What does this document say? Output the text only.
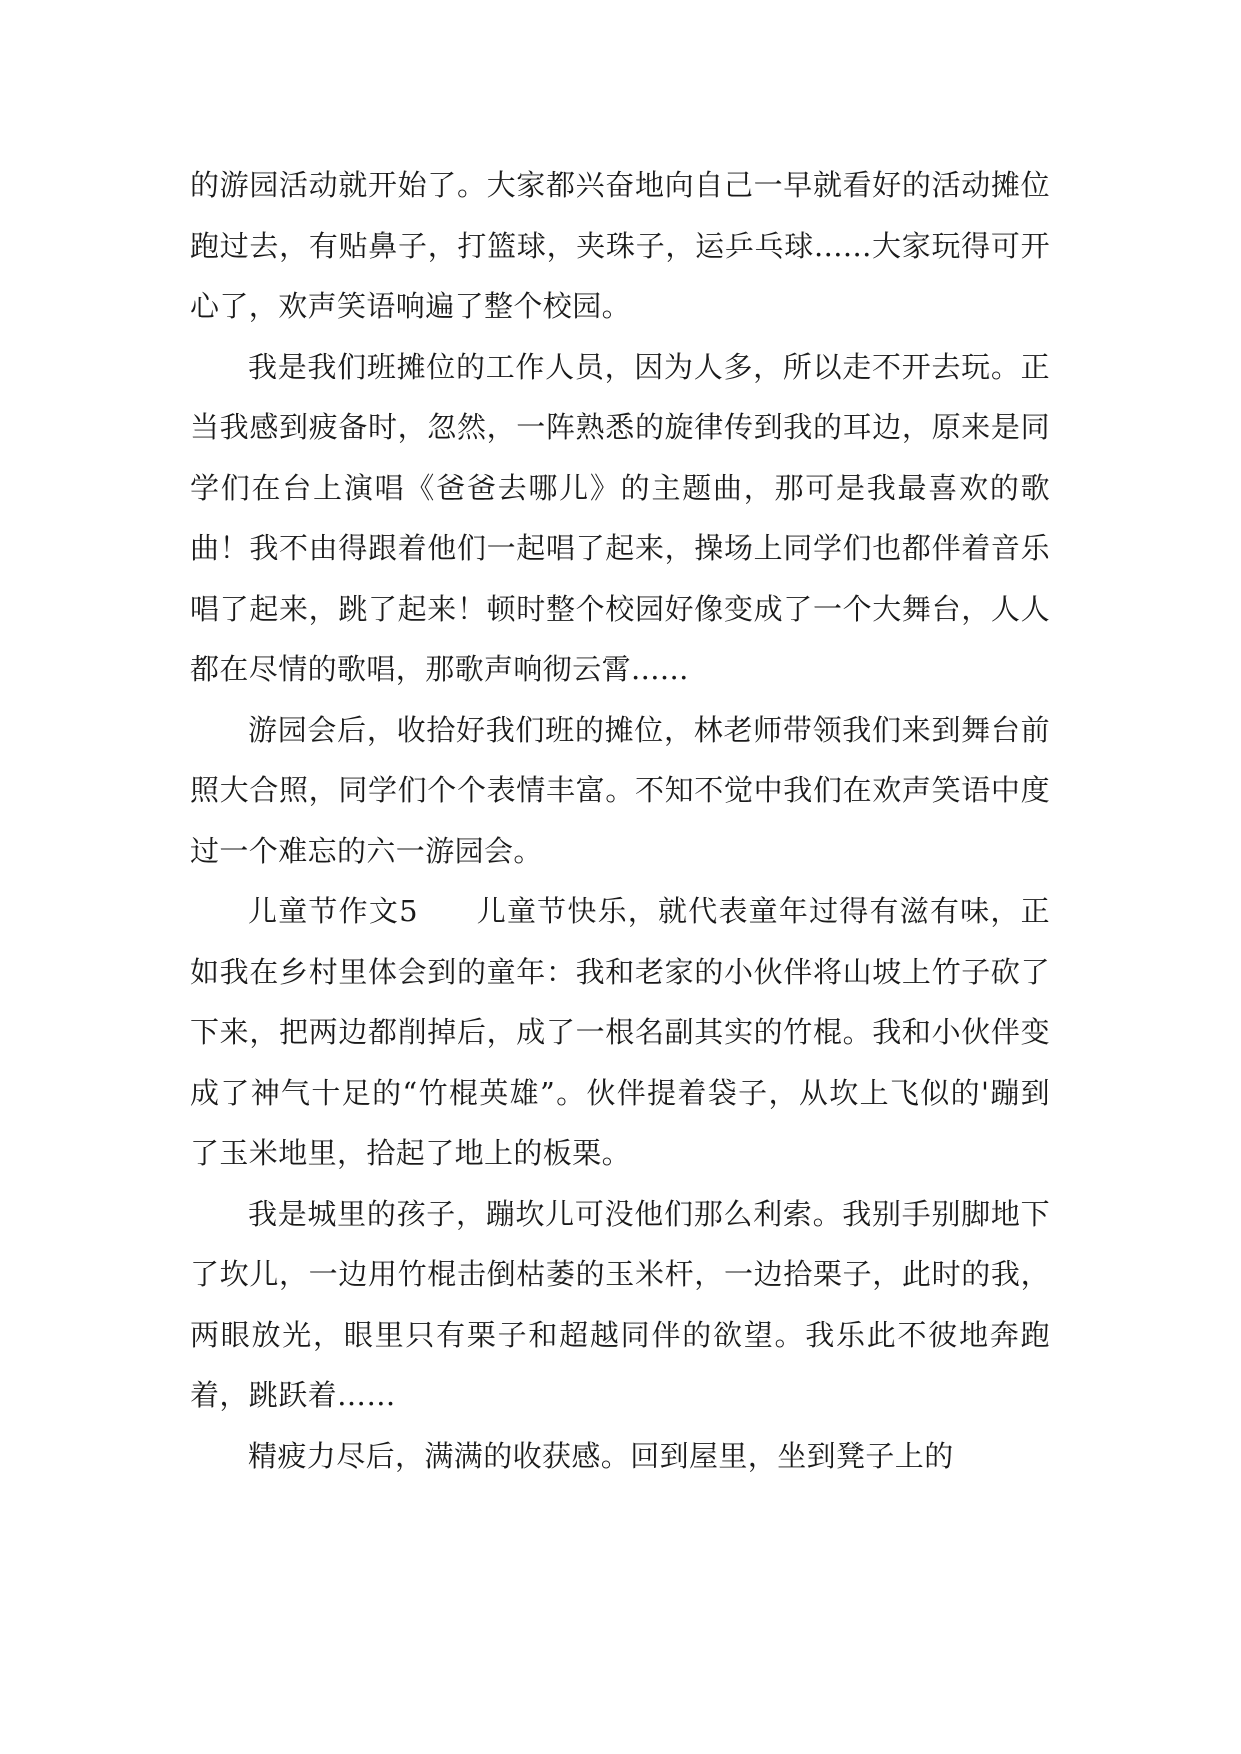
的游园活动就开始了。大家都兴奋地向自己一早就看好的活动摊位跑过去，有贴鼻子，打篮球，夹珠子，运乒乓球......大家玩得可开心了，欢声笑语响遍了整个校园。

我是我们班摊位的工作人员，因为人多，所以走不开去玩。正当我感到疲备时，忽然，一阵熟悉的旋律传到我的耳边，原来是同学们在台上演唱《爸爸去哪儿》的主题曲，那可是我最喜欢的歌曲！我不由得跟着他们一起唱了起来，操场上同学们也都伴着音乐唱了起来，跳了起来！顿时整个校园好像变成了一个大舞台，人人都在尽情的歌唱，那歌声响彻云霄......

游园会后，收拾好我们班的摊位，林老师带领我们来到舞台前照大合照，同学们个个表情丰富。不知不觉中我们在欢声笑语中度过一个难忘的六一游园会。

儿童节作文5 儿童节快乐，就代表童年过得有滋有味，正如我在乡村里体会到的童年：我和老家的小伙伴将山坡上竹子砍了下来，把两边都削掉后，成了一根名副其实的竹棍。我和小伙伴变成了神气十足的“竹棍英雄”。伙伴提着袋子，从坎上飞似的'蹦到了玉米地里，拾起了地上的板栗。

我是城里的孩子，蹦坎儿可没他们那么利索。我别手别脚地下了坎儿，一边用竹棍击倒枯萎的玉米杆，一边拾栗子，此时的我，两眼放光，眼里只有栗子和超越同伴的欲望。我乐此不彼地奔跑着，跳跃着……

精疲力尽后，满满的收获感。回到屋里，坐到凳子上的
